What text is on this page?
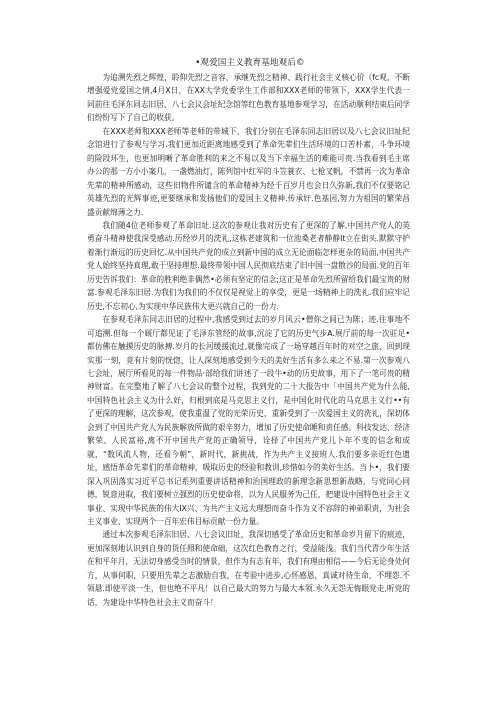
•观爱国主义教育基地观后©

为追溯先烈之辉煌，聆仰先烈之音容，承继先烈之精神、践行社会主义核心价（fc观，不断增强爱党爱国之情,4月X日，在XX大学党委学生工作部和XXX老师的带领下，XXX学生代表一同前往毛泽东同志旧居、八七会议会址纪念馆等红色教育基地参观学习，在活动顺利结束后同学们纷纷写下了自己的收获。

在XXX老师和XXX老师等老师的带城下，我们分别在毛泽东同志旧居以及八七会议旧址纪念馆进行了参观与学习.我们更加近距离地感受到了革命先辈们生活环境的口苦朴素，斗争环境的险段环生，也更加明晰了革命胜利的来之不易以及当下幸福生活的难能可贵.当我看到毛主席办公的那一方小小案几，一盏燃油灯，陈列馆中红军的斗笠蓑衣、七枪叉帆，不禁再一次为革命先辈的精神所感动，这些旧物件所谴含的革命精神为经千百岁月也会日久弥新,我们不仅要铭记英雄先烈的光辉事迹,更要继承和发扬他们的爱国主义精神.传承奸.色基因,努力为祖国的繁荣昌盛贡献绵薄之力.

我们随4位老师参观了革命旧址.这次的参观让我对历史有了更深的了解,中国共产党人的英勇奋斗精神使我深受感动.历经岁月的洗礼,这栋老建筑和一位池桑老者静静It立在街头.默默守护着渐行渐远的历史回忆.从中国共产党的成立到新中国的成立无论面临怎样更杂的局面,中国共产党人始终坚持真理,敢于坚持理想.最终带领中国人民彻底结束了旧中国一盘散沙的局面.党的百年历史告诉我们：革命的胜利绝非偶然•必须有坚定的信念;这正是革命先烈所留给我们最宝贵的财富.参观毛泽东旧居.为我们为我们的不仅仅是视觉上的享受，更是一场精神上的洗礼.我们应牢记历史,不忘初心,为实现中华民族伟大更兴就自己的一份力.

在参观毛泽东同志旧居的过程中,我感受到过去的岁月风云•僧你之间已为陈；迹.往事地不可追溯.但每一个厩厅都见证了毛泽东管经的故事,沉淀了它的历史气步A.展厅前的每一次驻足•都仿佛在触摸历史的脉搏.岁月的长河缓援流过,就像完成了一场穿越百年时的对空之旅，回到现实那一刻，竟有片刻的恍惚，让人深刻地感受到今天的美好生活有多么来之不易.第一次参观八七会址，展厅所看见的每一件物品·部给我们讲述了一段牛•动的历史故事，用下了一笔可贵的精神财富。在完整地了解了八七会议的整个过程，我到党的二十大报告中「中国共产党为什么能,中国特色社会主义为什么好，归根到底是马克思主义行，是中国化时代化的马克思主义行••有了更深的理解，这次参观，使我重温了党的光荣历史，重新受到了一次爱国主义的洗礼，深切体会到了中国共产党人为民族解放所做的艰辛努力，增加了历史使命睡和责任感。科技发达、经济繁荣、人民富裕,离不开中国共产党的正确领导，诠择了中国共产党儿卜年不变的信念和成就，“数风流人物，还看今朝”，新时代，新挑战，作为共产主义接班人.我们要多亲近红色遗址，感悟革命先辈们的革命精神，吸取历史的经验和教训,珍惜如今的美好生活。当卜•，我们要深入巩固落实习近平总书记系列重要讲话精神和治国理政的新理念新思想新战略，与党同心同德，锐意进取，我们要树立强烈的历史使命将，以为人民服务为己任，把建设中国特色社会主义事业、实现中华民族的伟大IX兴、为共产主义远大理想而奋斗作为义不容辞的神弟职责，为社会主义事业、实现两个一百年宏伟目标贡献一份力量。

通过本次参观毛泽东旧居、八七会议旧址，我深切感受了革命历史和革命岁月留下的痕迹，更加深刻地认识到自身的货任照和使命础，这次红色教育之行，受益能浅。我们当代青少年生活在和平年月，无法切身感受当时的情景，但作为有志有年，我们有理由相信——今后无论身处何方，从事何职，只要用先辈之志激励自我，在考验中进步,心怀感恩，真诚对待生命，不埋怨.不领悬.即使平淡一生，但也绝不平凡！以自己最大的努力与最大本领.永久无怨无悔眼党走,听党的话，为建设中华特色社会主义而奋斗！
